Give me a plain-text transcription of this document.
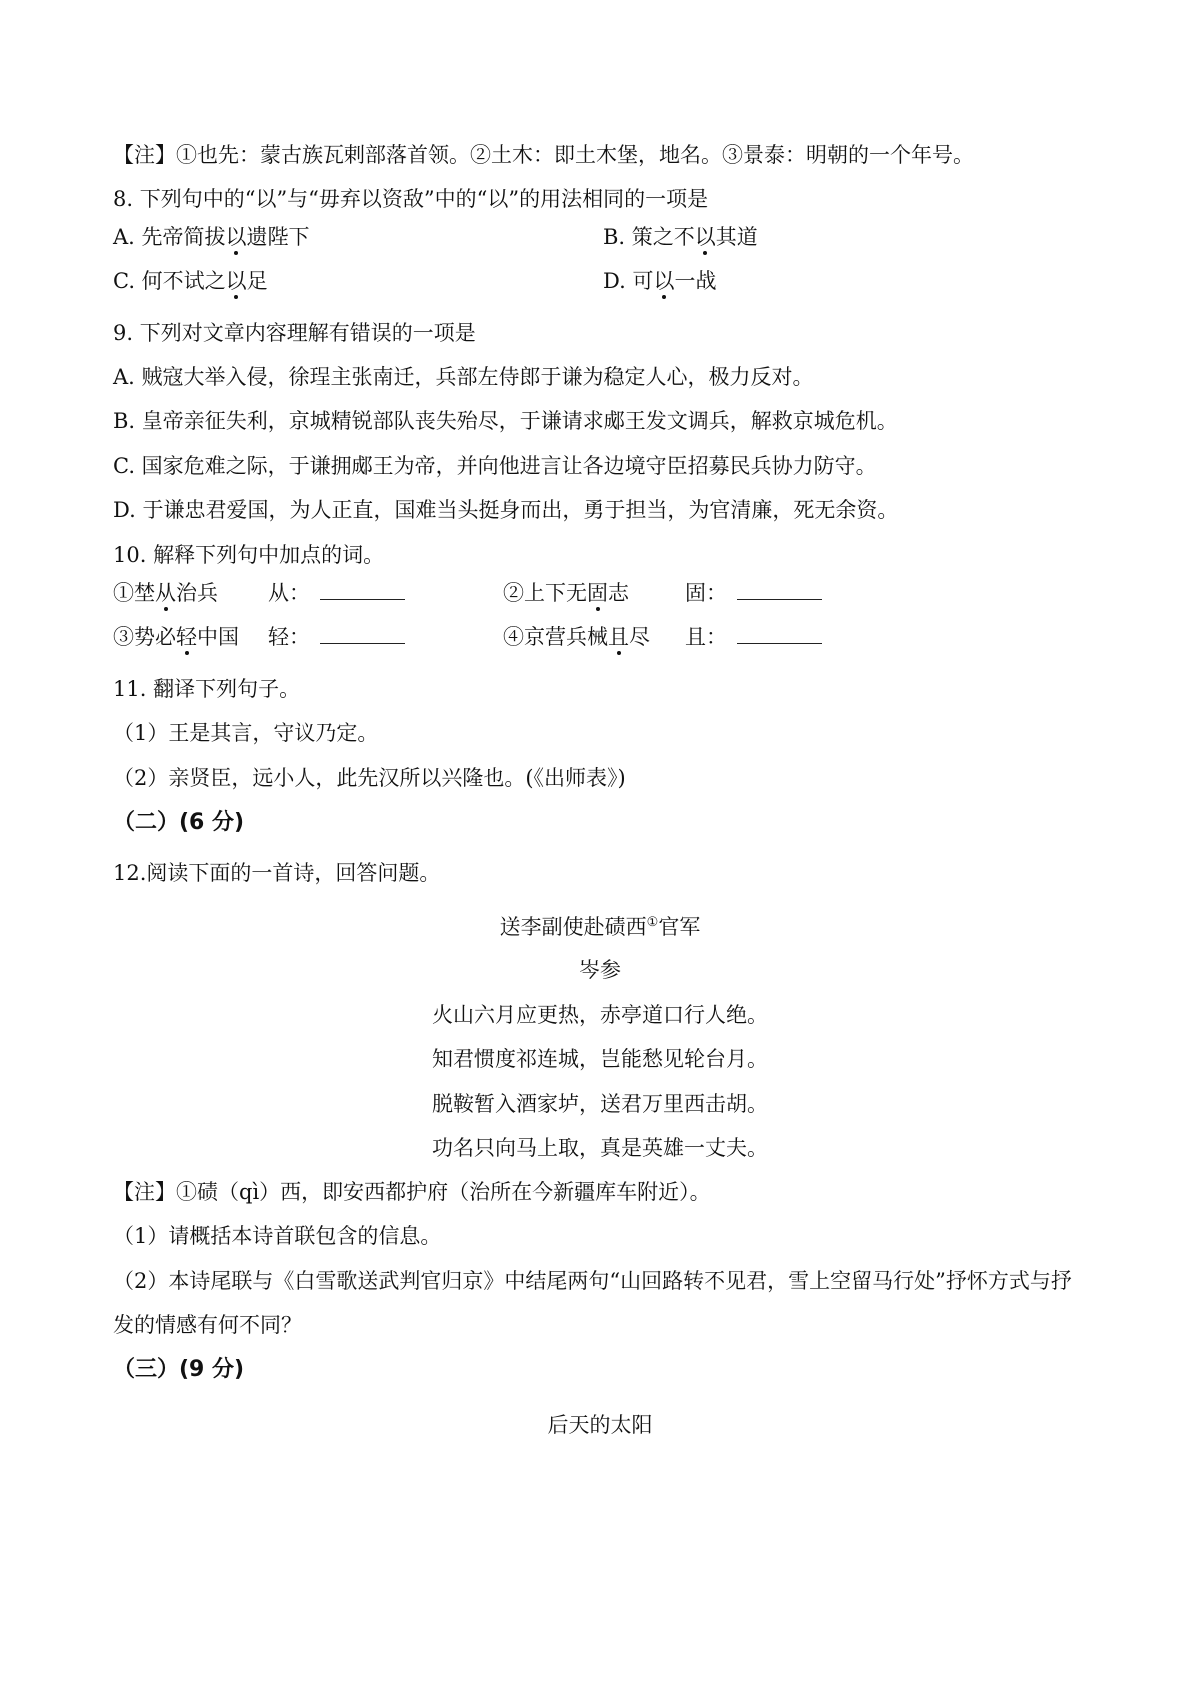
【注】①也先：蒙古族瓦剌部落首领。②土木：即土木堡，地名。③景泰：明朝的一个年号。
8. 下列句中的“以”与“毋弃以资敌”中的“以”的用法相同的一项是
A. 先帝简拔以遗陛下	B. 策之不以其道
C. 何不试之以足	D. 可以一战
9. 下列对文章内容理解有错误的一项是
A. 贼寇大举入侵，徐珵主张南迁，兵部左侍郎于谦为稳定人心，极力反对。
B. 皇帝亲征失利，京城精锐部队丧失殆尽，于谦请求郕王发文调兵，解救京城危机。
C. 国家危难之际，于谦拥郕王为帝，并向他进言让各边境守臣招募民兵协力防守。
D. 于谦忠君爱国，为人正直，国难当头挺身而出，勇于担当，为官清廉，死无余资。
10. 解释下列句中加点的词。
①埜从治兵 从：	②上下无固志	固：
③势必轻中国 轻：	④京营兵械且尽 且：
11. 翻译下列句子。
（1）王是其言，守议乃定。
（2）亲贤臣，远小人，此先汉所以兴隆也。(《出师表》)
（二）(6 分)
12.阅读下面的一首诗，回答问题。
送李副使赴碛西①官军
岑参
火山六月应更热，赤亭道口行人绝。
知君惯度祁连城，岂能愁见轮台月。
脱鞍暂入酒家垆，送君万里西击胡。
功名只向马上取，真是英雄一丈夫。
【注】①碛（qì）西，即安西都护府（治所在今新疆库车附近）。
（1）请概括本诗首联包含的信息。
（2）本诗尾联与《白雪歌送武判官归京》中结尾两句“山回路转不见君，雪上空留马行处”抒怀方式与抒
发的情感有何不同？
（三）(9 分)
后天的太阳
